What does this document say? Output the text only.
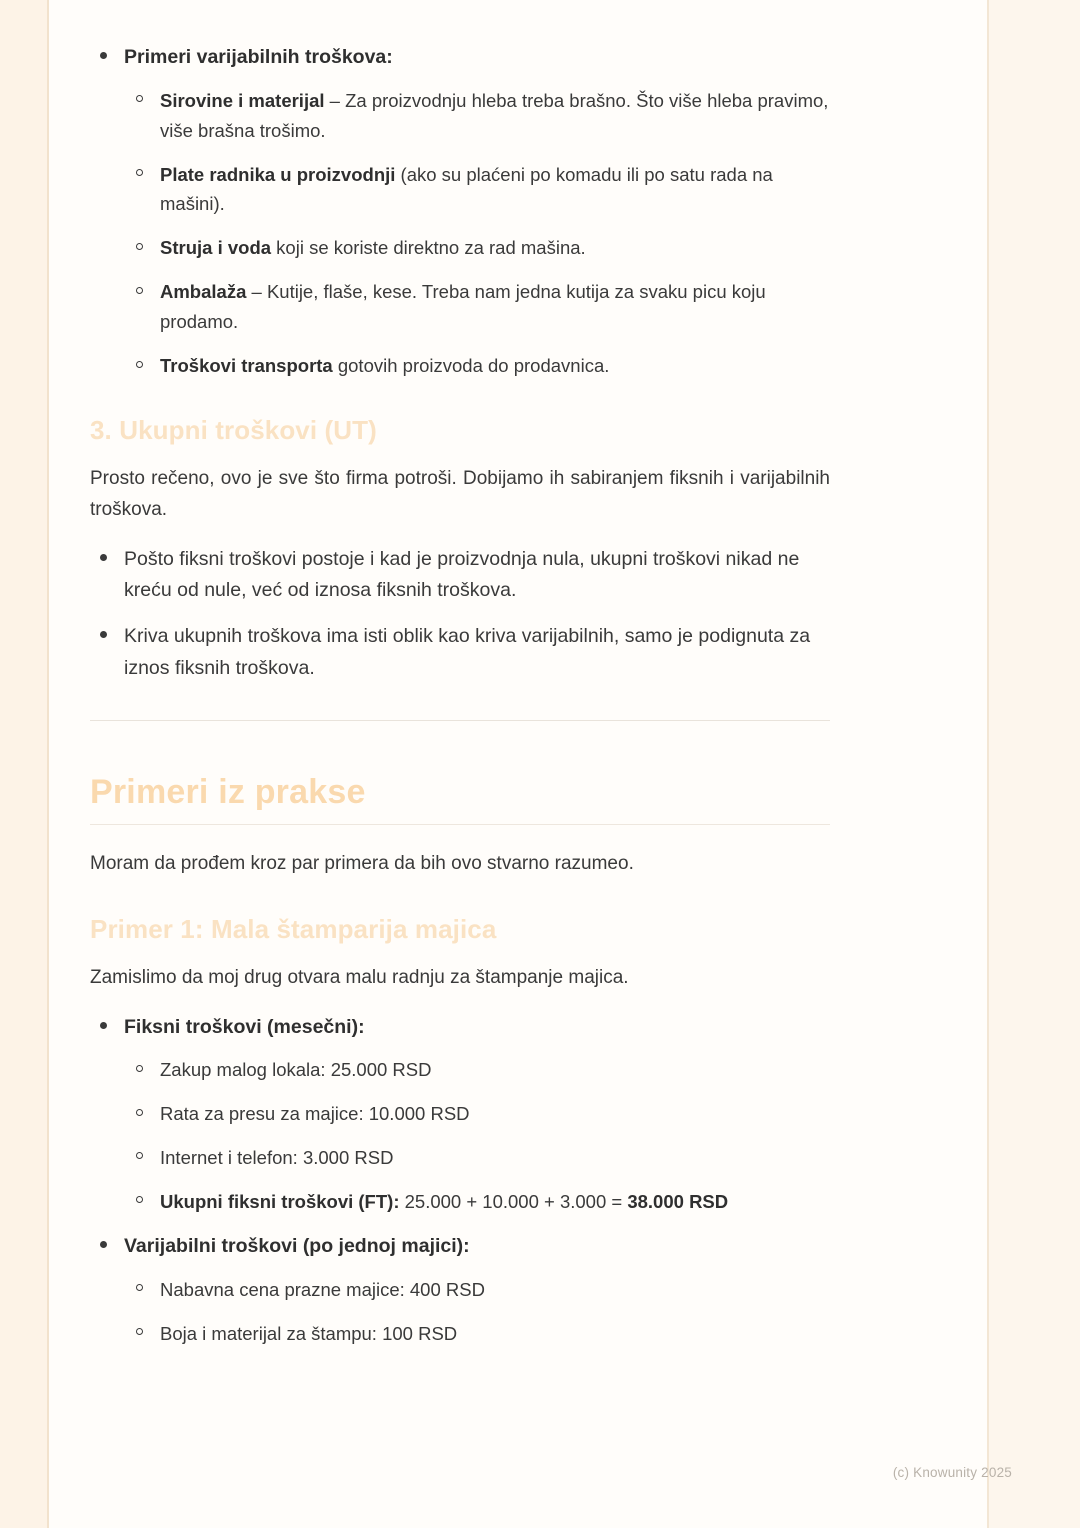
Primeri varijabilnih troškova:
Sirovine i materijal – Za proizvodnju hleba treba brašno. Što više hleba pravimo, više brašna trošimo.
Plate radnika u proizvodnji (ako su plaćeni po komadu ili po satu rada na mašini).
Struja i voda koji se koriste direktno za rad mašina.
Ambalaža – Kutije, flaše, kese. Treba nam jedna kutija za svaku picu koju prodamo.
Troškovi transporta gotovih proizvoda do prodavnica.
3. Ukupni troškovi (UT)

Prosto rečeno, ovo je sve što firma potroši. Dobijamo ih sabiranjem fiksnih i varijabilnih troškova.

Pošto fiksni troškovi postoje i kad je proizvodnja nula, ukupni troškovi nikad ne kreću od nule, već od iznosa fiksnih troškova.
Kriva ukupnih troškova ima isti oblik kao kriva varijabilnih, samo je podignuta za iznos fiksnih troškova.
Primeri iz prakse

Moram da prođem kroz par primera da bih ovo stvarno razumeo.

Primer 1: Mala štamparija majica

Zamislimo da moj drug otvara malu radnju za štampanje majica.

Fiksni troškovi (mesečni):
Zakup malog lokala: 25.000 RSD
Rata za presu za majice: 10.000 RSD
Internet i telefon: 3.000 RSD
Ukupni fiksni troškovi (FT): 25.000 + 10.000 + 3.000 = 38.000 RSD
Varijabilni troškovi (po jednoj majici):
Nabavna cena prazne majice: 400 RSD
Boja i materijal za štampu: 100 RSD
(c) Knowunity 2025
